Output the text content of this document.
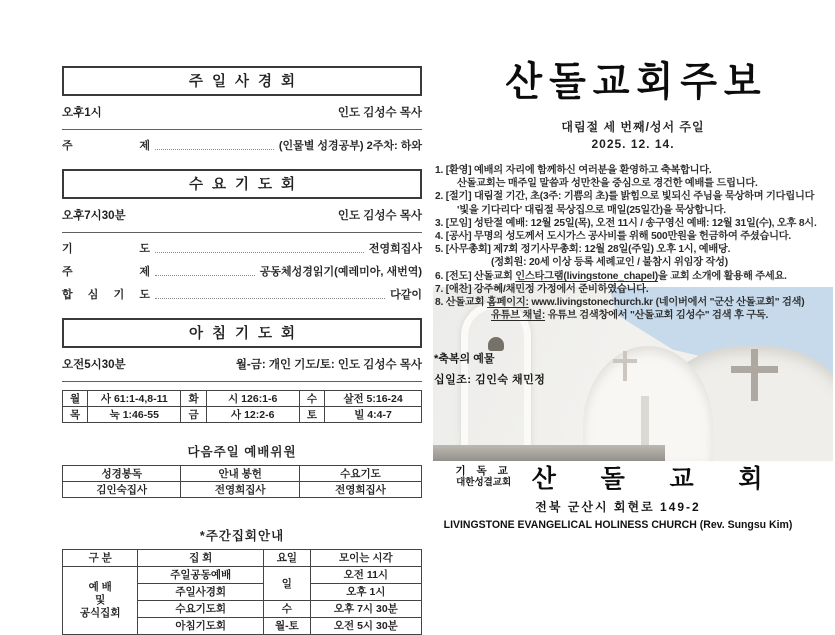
주일사경회
오후1시	인도 김성수 목사
주 제	(인물별 성경공부) 2주차: 하와
수요기도회
오후7시30분	인도 김성수 목사
기 도	전영희집사
주 제	공동체성경읽기(예레미아, 새번역)
합 심 기 도	다같이
아침기도회
오전5시30분	월-금: 개인 기도/토: 인도 김성수 목사
월	사 61:1-4,8-11	화	시 126:1-6	수	살전 5:16-24
목	눅 1:46-55	금	사 12:2-6	토	빌 4:4-7
다음주일 예배위원
성경봉독	안내 봉헌	수요기도
김인숙집사	전영희집사	전영희집사
*주간집회안내
구 분	집 회	요일	모이는 시각

예 배
및
공식집회	주일공동예배	일	오전 11시
	주일사경회		오후 1시
	수요기도회	수	오후 7시 30분
	아침기도회	월-토	오전 5시 30분
산돌교회주보
대림절 세 번째/성서 주일
2025. 12. 14.
1. [환영] 예배의 자리에 함께하신 여러분을 환영하고 축복합니다.
산돌교회는 매주일 말씀과 성만찬을 중심으로 경건한 예배를 드립니다.
2. [절기] 대림절 기간, 초(3주: 기쁨의 초)를 밝힘으로 빛되신 주님을 묵상하며 기다립니다
'빛을 기다리다' 대림절 묵상집으로 매일(25일간)을 묵상합니다.
3. [모임] 성탄절 예배: 12월 25일(목), 오전 11시 / 송구영신 예배: 12월 31일(수), 오후 8시.
4. [공사] 무명의 성도께서 도시가스 공사비를 위해 500만원을 헌금하여 주셨습니다.
5. [사무총회] 제7회 정기사무총회: 12월 28일(주일) 오후 1시, 예배당.
(정회원: 20세 이상 등록 세례교인 / 불참시 위임장 작성)
6. [전도] 산돌교회 인스타그램(livingstone_chapel)을 교회 소개에 활용해 주세요.
7. [애찬] 강주혜/채민정 가정에서 준비하였습니다.
8. 산돌교회 홈페이지: www.livingstonechurch.kr (네이버에서 "군산 산돌교회" 검색)
유튜브 채널: 유튜브 검색창에서 "산돌교회 김성수" 검색 후 구독.
*축복의 예물
십일조: 김인숙 채민정
기 독 교
대한성결교회 산 돌 교 회
전북 군산시 회현로 149-2
LIVINGSTONE EVANGELICAL HOLINESS CHURCH (Rev. Sungsu Kim)
